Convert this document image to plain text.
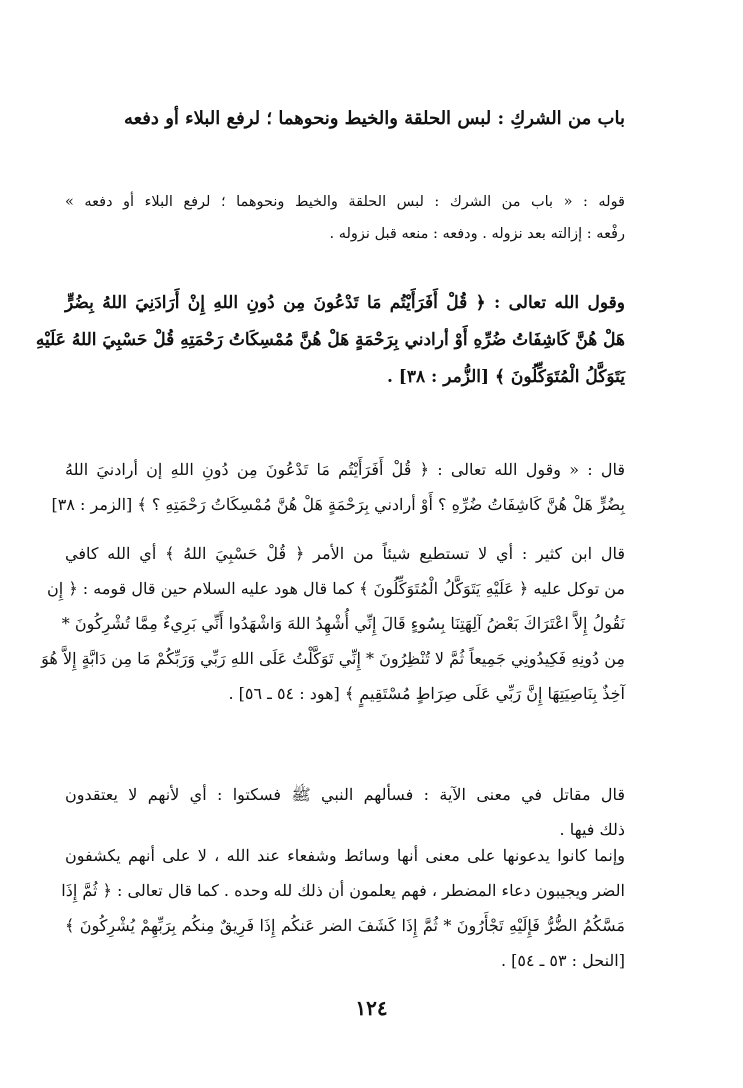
باب من الشركِ : لبس الحلقة والخيط ونحوهما ؛ لرفع البلاء أو دفعه
قوله : « باب من الشرك : لبس الحلقة والخيط ونحوهما ؛ لرفع البلاء أو دفعه »
رفْعه : إزالته بعد نزوله . ودفعه : منعه قبل نزوله .
وقول الله تعالى : ﴿ قُلْ أَفَرَأَيْتُم مَا تَدْعُونَ مِن دُونِ اللهِ إِنْ أَرَادَنِيَ اللهُ بِضُرٍّ
هَلْ هُنَّ كَاشِفَاتُ ضُرِّهِ أَوْ أرادني بِرَحْمَةٍ هَلْ هُنَّ مُمْسِكَاتُ رَحْمَتِهِ قُلْ حَسْبِيَ اللهُ عَلَيْهِ
يَتَوَكَّلُ الْمُتَوَكِّلُونَ ﴾ [الزُّمر : ٣٨] .
قال : « وقول الله تعالى : ﴿ قُلْ أَفَرَأَيْتُم مَا تَدْعُونَ مِن دُونِ اللهِ إن أرادنيَ اللهُ
بِضُرٍّ هَلْ هُنَّ كَاشِفَاتُ ضُرِّهِ ؟ أَوْ أرادني بِرَحْمَةٍ هَلْ هُنَّ مُمْسِكَاتُ رَحْمَتِهِ ؟ ﴾ [الزمر : ٣٨]
قال ابن كثير : أي لا تستطيع شيئاً من الأمر ﴿ قُلْ حَسْبِيَ اللهُ ﴾ أي الله كافي
من توكل عليه ﴿ عَلَيْهِ يَتَوَكَّلُ الْمُتَوَكِّلُونَ ﴾ كما قال هود عليه السلام حين قال قومه : ﴿ إِن
نَقُولُ إِلاَّ اعْتَرَاكَ بَعْضُ آلِهَتِنَا بِسُوءٍ قَالَ إِنِّي أُشْهِدُ اللهَ وَاشْهَدُوا أَنِّي بَرِيءٌ مِمَّا تُشْرِكُونَ *
مِن دُونِهِ فَكِيدُونِي جَمِيعاً ثُمَّ لا تُنْظِرُونَ * إِنِّي تَوَكَّلْتُ عَلَى اللهِ رَبِّي وَرَبِّكُمْ مَا مِن دَابَّةٍ إِلاَّ هُوَ
آخِذٌ بِنَاصِيَتِهَا إِنَّ رَبِّي عَلَى صِرَاطٍ مُسْتَقِيمٍ ﴾ [هود : ٥٤ ـ ٥٦] .
قال مقاتل في معنى الآية : فسألهم النبي ﷺ فسكتوا : أي لأنهم لا يعتقدون
ذلك فيها .
وإنما كانوا يدعونها على معنى أنها وسائط وشفعاء عند الله ، لا على أنهم يكشفون
الضر ويجيبون دعاء المضطر ، فهم يعلمون أن ذلك لله وحده . كما قال تعالى : ﴿ ثُمَّ إِذَا
مَسَّكُمُ الضُّرُّ فَإِلَيْهِ تَجْأَرُونَ * ثُمَّ إِذَا كَشَفَ الضر عَنكُم إِذَا فَرِيقٌ مِنكُم بِرَبِّهِمْ يُشْرِكُونَ ﴾
[النحل : ٥٣ ـ ٥٤] .
١٢٤
